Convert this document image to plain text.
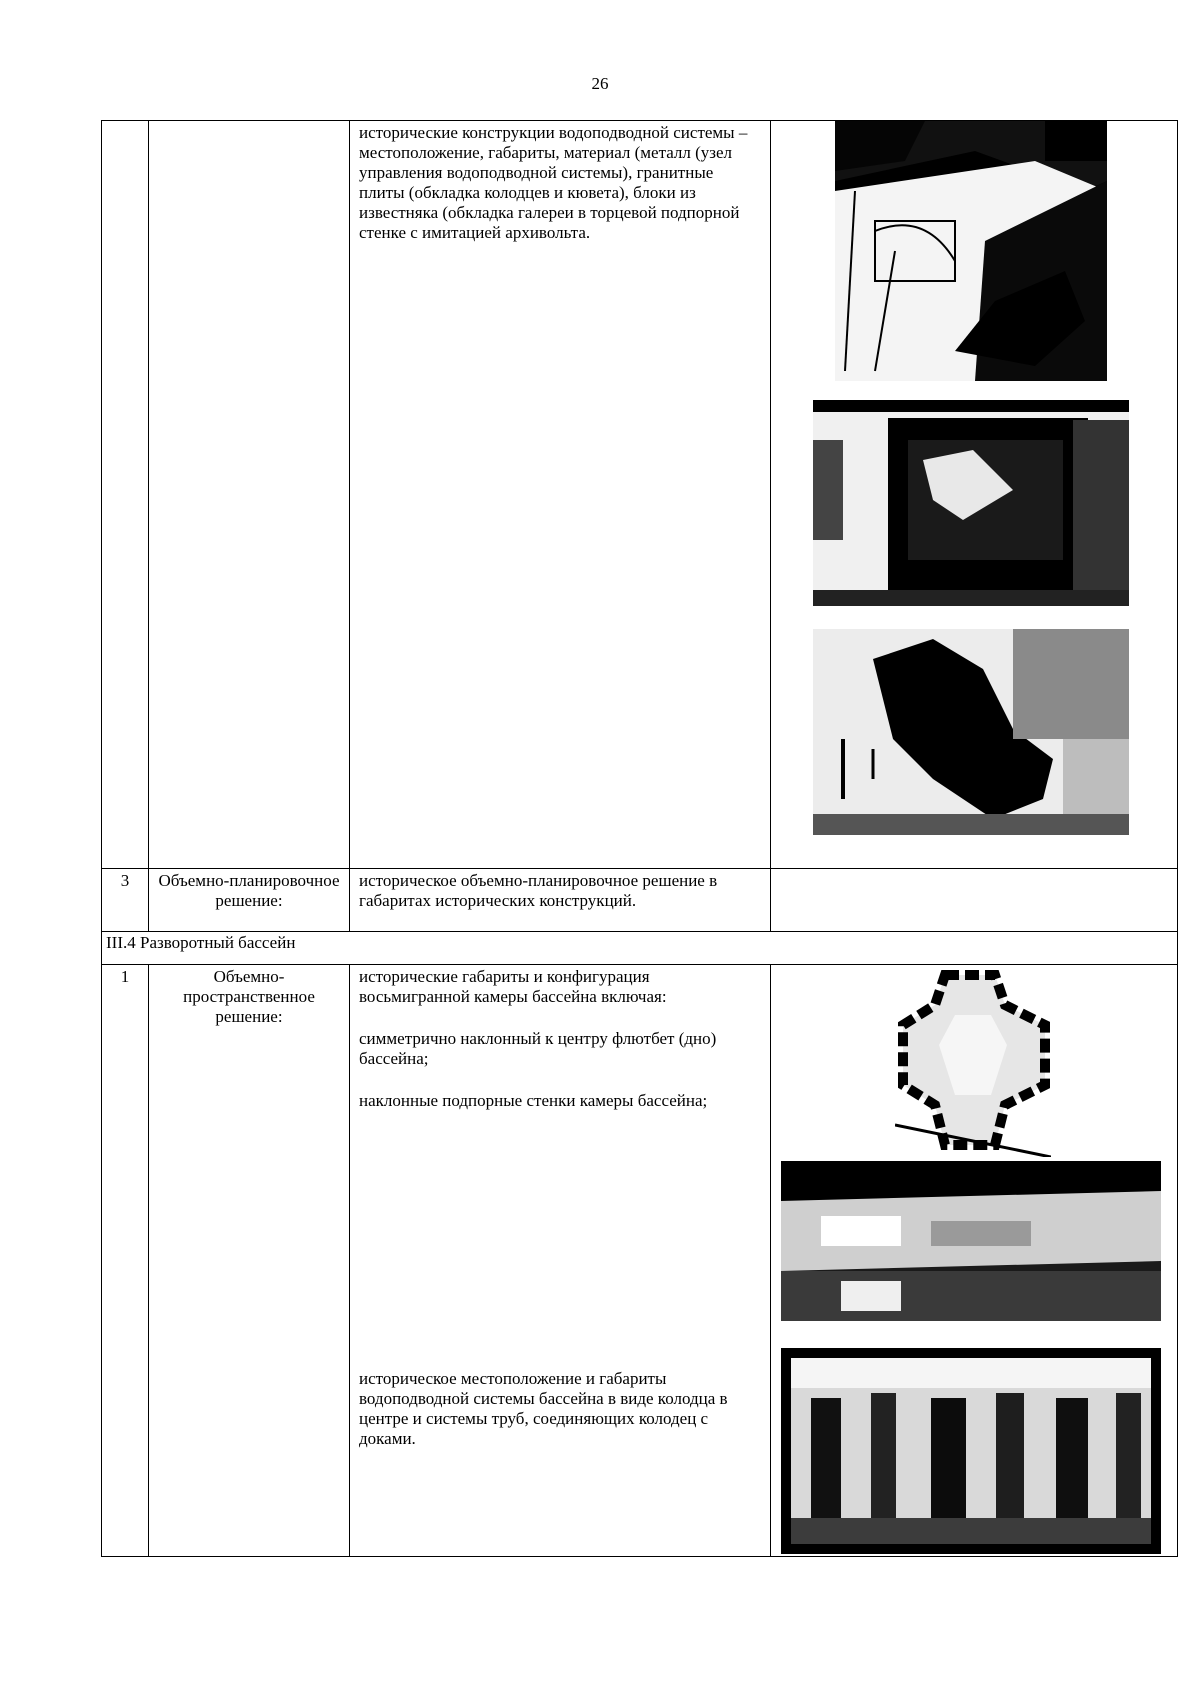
26

		исторические конструкции водоподводной системы – местоположение, габариты, материал (металл (узел управления водоподводной системы), гранитные плиты (обкладка колодцев и кювета), блоки из известняка (обкладка галереи в торцевой подпорной стенке с имитацией архивольта.

3	Объемно-планировочное решение:	историческое объемно-планировочное решение в габаритах исторических конструкций.	

III.4 Разворотный бассейн			
1	Объемно-пространственное решение:	исторические габариты и конфигурация восьмигранной камеры бассейна включая:
симметрично наклонный к центру флютбет (дно) бассейна;
наклонные подпорные стенки камеры бассейна;
историческое местоположение и габариты водоподводной системы бассейна в виде колодца в центре и системы труб, соединяющих колодец с доками.
